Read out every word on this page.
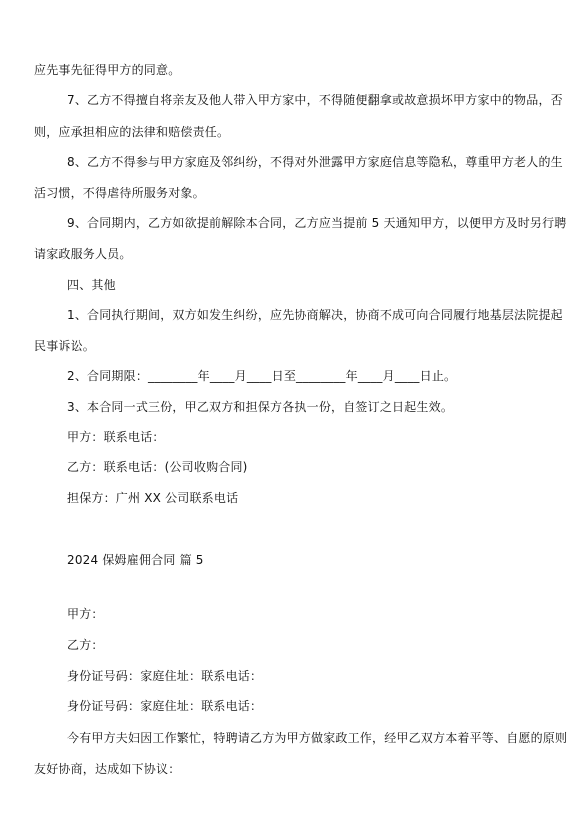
应先事先征得甲方的同意。
7、乙方不得擅自将亲友及他人带入甲方家中，不得随便翻拿或故意损坏甲方家中的物品，否
则，应承担相应的法律和赔偿责任。
8、乙方不得参与甲方家庭及邻纠纷，不得对外泄露甲方家庭信息等隐私，尊重甲方老人的生
活习惯，不得虐待所服务对象。
9、合同期内，乙方如欲提前解除本合同，乙方应当提前 5 天通知甲方，以便甲方及时另行聘
请家政服务人员。
四、其他
1、合同执行期间，双方如发生纠纷，应先协商解决，协商不成可向合同履行地基层法院提起
民事诉讼。
2、合同期限：________年____月____日至________年____月____日止。
3、本合同一式三份，甲乙双方和担保方各执一份，自签订之日起生效。
甲方：联系电话：
乙方：联系电话：(公司收购合同)
担保方：广州 XX 公司联系电话
2024 保姆雇佣合同 篇 5
甲方：
乙方：
身份证号码：家庭住址：联系电话：
身份证号码：家庭住址：联系电话：
今有甲方夫妇因工作繁忙，特聘请乙方为甲方做家政工作，经甲乙双方本着平等、自愿的原则
友好协商，达成如下协议：
